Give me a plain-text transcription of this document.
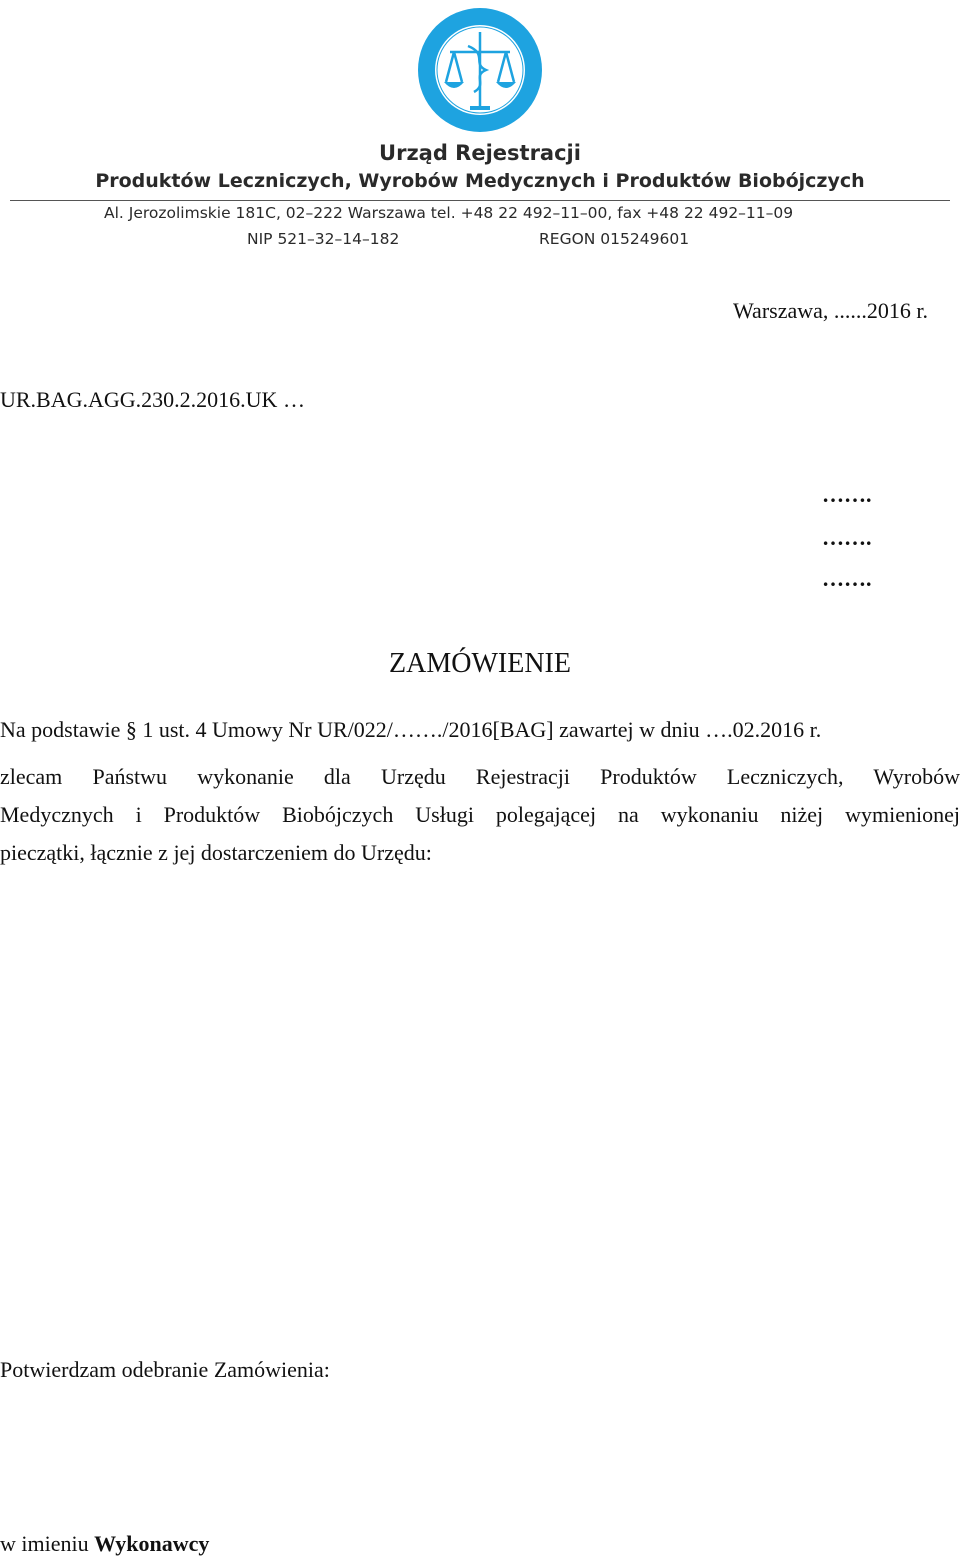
Urząd Rejestracji
Produktów Leczniczych, Wyrobów Medycznych i Produktów Biobójczych
Al. Jerozolimskie 181C, 02–222 Warszawa tel. +48 22 492–11–00, fax +48 22 492–11–09
NIP 521–32–14–182	REGON 015249601
Warszawa, ......2016 r.
UR.BAG.AGG.230.2.2016.UK …
…….
…….
…….
ZAMÓWIENIE
Na podstawie § 1 ust. 4 Umowy Nr UR/022/……./2016[BAG] zawartej w dniu ….02.2016 r.
zlecam Państwu wykonanie dla Urzędu Rejestracji Produktów Leczniczych, Wyrobów
Medycznych i Produktów Biobójczych Usługi polegającej na wykonaniu niżej wymienionej
pieczątki, łącznie z jej dostarczeniem do Urzędu:
Potwierdzam odebranie Zamówienia:
w imieniu Wykonawcy
